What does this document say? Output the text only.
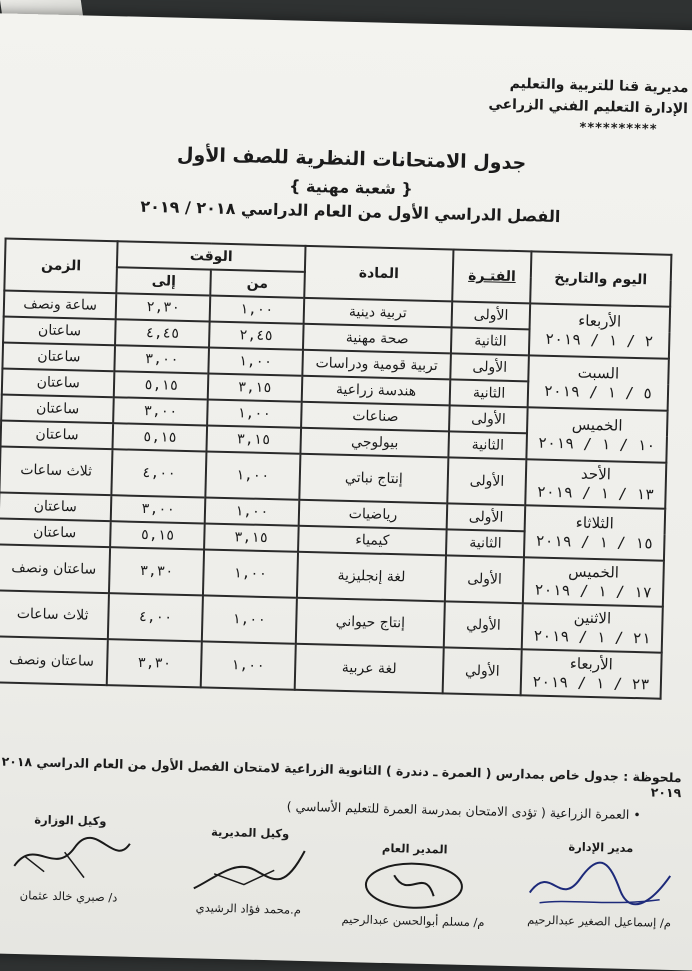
مديرية قنا للتربية والتعليم
الإدارة التعليم الفني الزراعي
**********
جدول الامتحانات النظرية للصف الأول
{ شعبة مهنية }
الفصل الدراسي الأول من العام الدراسي ٢٠١٨ / ٢٠١٩
اليوم والتاريخ	الفتـرة	المادة	الوقت		الزمن
			من	إلى	

الأربعاء
٢ / ١ / ٢٠١٩	الأولى	تربية دينية	١,٠٠	٢,٣٠	ساعة ونصف
	الثانية	صحة مهنية	٢,٤٥	٤,٤٥	ساعتان

السبت
٥ / ١ / ٢٠١٩	الأولى	تربية قومية ودراسات	١,٠٠	٣,٠٠	ساعتان
	الثانية	هندسة زراعية	٣,١٥	٥,١٥	ساعتان

الخميس
١٠ / ١ / ٢٠١٩	الأولى	صناعات	١,٠٠	٣,٠٠	ساعتان
	الثانية	بيولوجي	٣,١٥	٥,١٥	ساعتان

الأحد
١٣ / ١ / ٢٠١٩	الأولى	إنتاج نباتي	١,٠٠	٤,٠٠	ثلاث ساعات

الثلاثاء
١٥ / ١ / ٢٠١٩	الأولى	رياضيات	١,٠٠	٣,٠٠	ساعتان
	الثانية	كيمياء	٣,١٥	٥,١٥	ساعتان

الخميس
١٧ / ١ / ٢٠١٩	الأولى	لغة إنجليزية	١,٠٠	٣,٣٠	ساعتان ونصف

الاثنين
٢١ / ١ / ٢٠١٩	الأولي	إنتاج حيواني	١,٠٠	٤,٠٠	ثلاث ساعات

الأربعاء
٢٣ / ١ / ٢٠١٩	الأولي	لغة عربية	١,٠٠	٣,٣٠	ساعتان ونصف
ملحوظة : جدول خاص بمدارس ( العمرة ـ دندرة ) الثانوية الزراعية لامتحان الفصل الأول من العام الدراسي ٢٠١٨ ٢٠١٩
• العمرة الزراعية ( تؤدى الامتحان بمدرسة العمرة للتعليم الأساسي )
مدير الإدارة
م/ إسماعيل الصغير عبدالرحيم
المدير العام
م/ مسلم أبوالحسن عبدالرحيم
وكيل المديرية
م.محمد فؤاد الرشيدي
وكيل الوزارة
د/ صبري خالد عثمان
